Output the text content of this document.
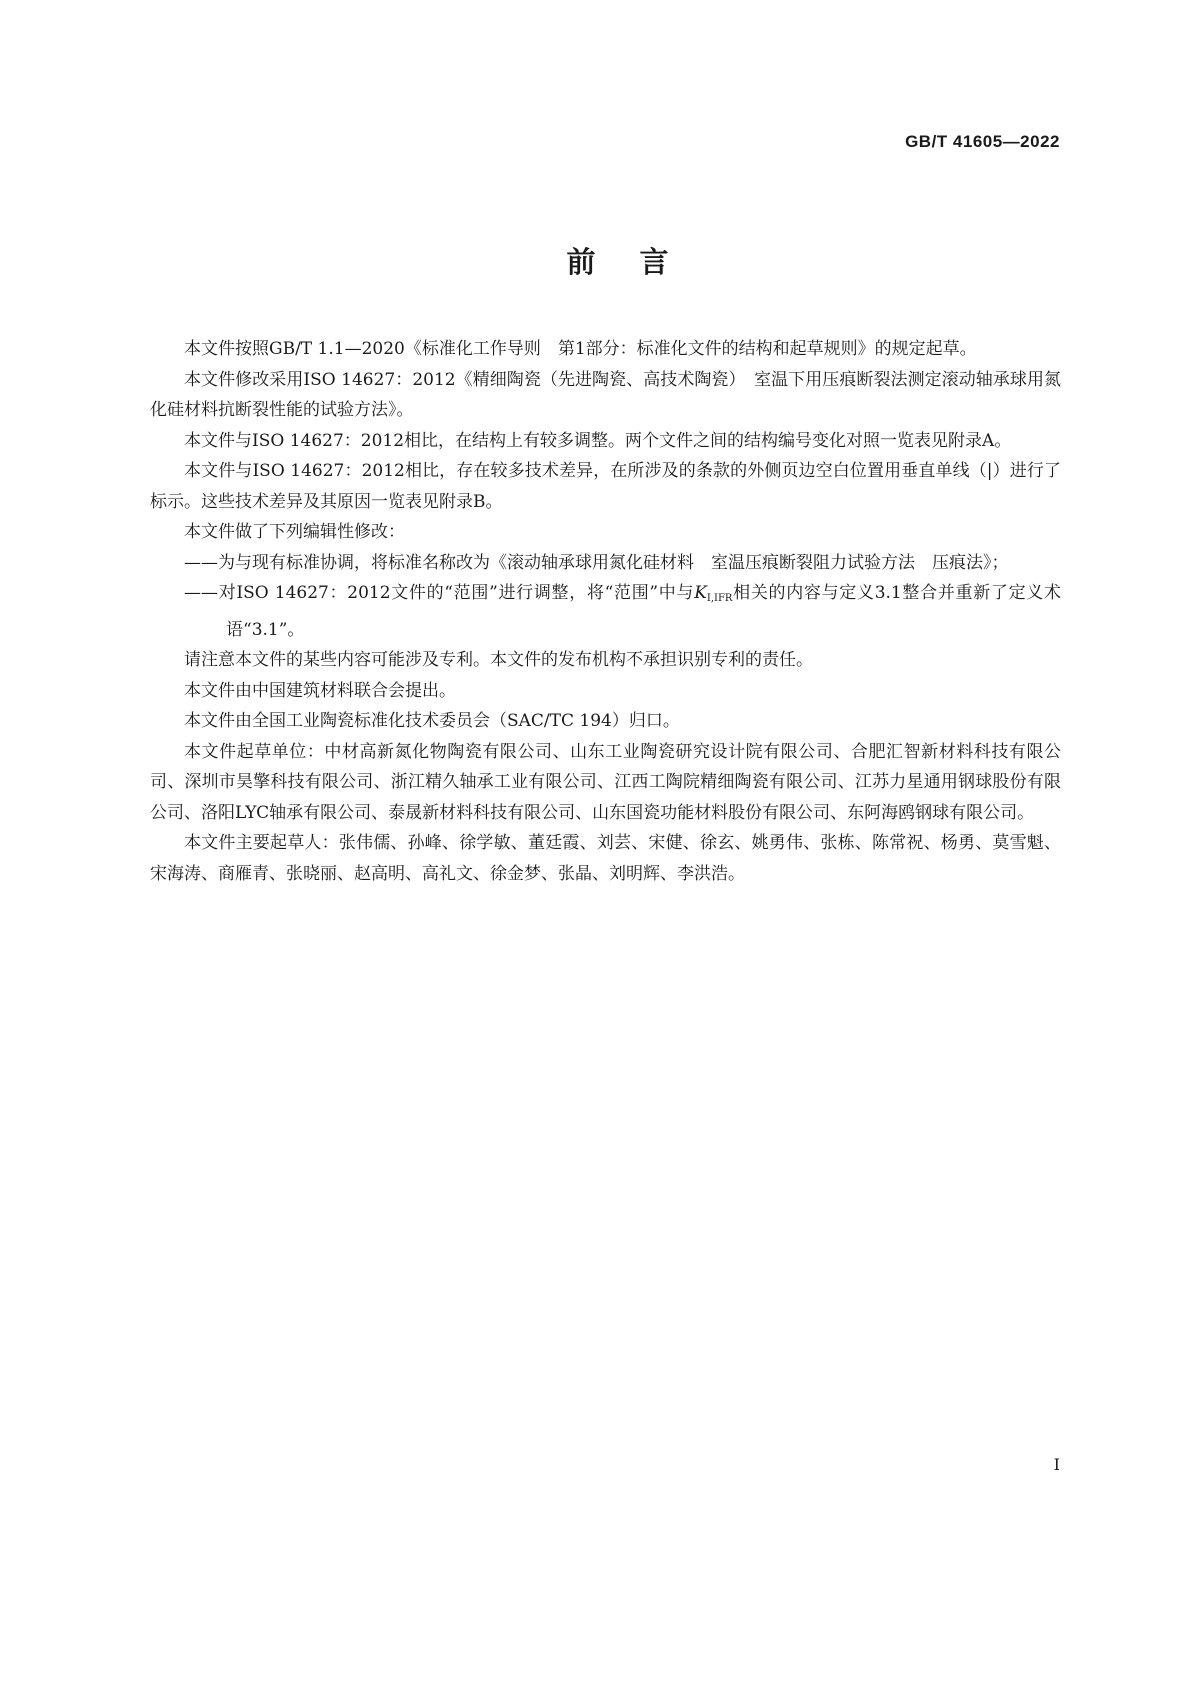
GB/T 41605—2022
前言

本文件按照GB/T 1.1—2020《标准化工作导则　第1部分：标准化文件的结构和起草规则》的规定起草。

本文件修改采用ISO 14627：2012《精细陶瓷（先进陶瓷、高技术陶瓷）　室温下用压痕断裂法测定滚动轴承球用氮化硅材料抗断裂性能的试验方法》。

本文件与ISO 14627：2012相比，在结构上有较多调整。两个文件之间的结构编号变化对照一览表见附录A。

本文件与ISO 14627：2012相比，存在较多技术差异，在所涉及的条款的外侧页边空白位置用垂直单线（|）进行了标示。这些技术差异及其原因一览表见附录B。

本文件做了下列编辑性修改：

——为与现有标准协调，将标准名称改为《滚动轴承球用氮化硅材料　室温压痕断裂阻力试验方法　压痕法》；
——对ISO 14627：2012文件的“范围”进行调整，将“范围”中与$K_{I,IFR}$相关的内容与定义3.1整合并重新了定义术语“3.1”。

请注意本文件的某些内容可能涉及专利。本文件的发布机构不承担识别专利的责任。

本文件由中国建筑材料联合会提出。

本文件由全国工业陶瓷标准化技术委员会（SAC/TC 194）归口。

本文件起草单位：中材高新氮化物陶瓷有限公司、山东工业陶瓷研究设计院有限公司、合肥汇智新材料科技有限公司、深圳市昊擎科技有限公司、浙江精久轴承工业有限公司、江西工陶院精细陶瓷有限公司、江苏力星通用钢球股份有限公司、洛阳LYC轴承有限公司、泰晟新材料科技有限公司、山东国瓷功能材料股份有限公司、东阿海鸥钢球有限公司。

本文件主要起草人：张伟儒、孙峰、徐学敏、董廷霞、刘芸、宋健、徐玄、姚勇伟、张栋、陈常祝、杨勇、莫雪魁、宋海涛、商雁青、张晓丽、赵高明、高礼文、徐金梦、张晶、刘明辉、李洪浩。

I
